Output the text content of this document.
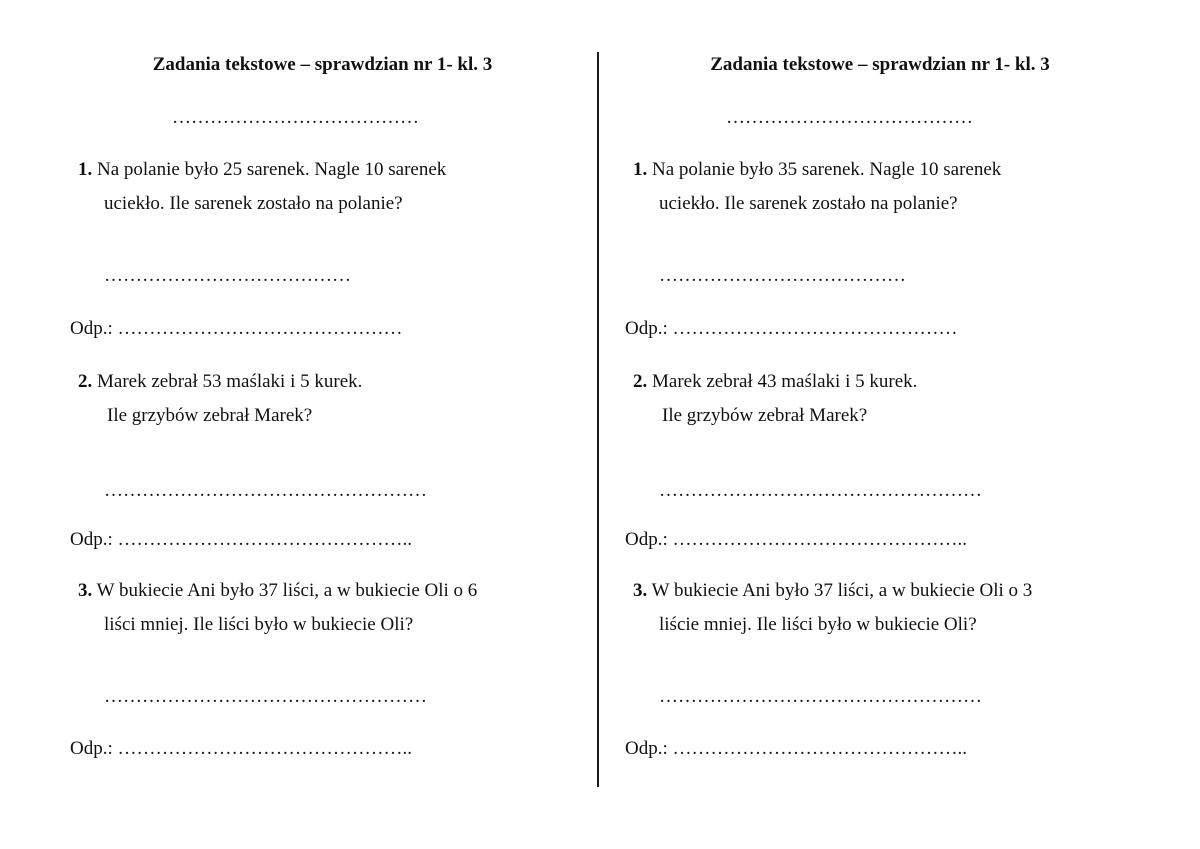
Zadania tekstowe – sprawdzian nr 1- kl. 3
…………………………………
1. Na polanie było 25 sarenek. Nagle 10 sarenek
uciekło. Ile sarenek zostało na polanie?
…………………………………
Odp.: ………………………………………
2. Marek zebrał 53 maślaki i 5 kurek.
Ile grzybów zebrał Marek?
……………………………………………
Odp.: ………………………………………..
3. W bukiecie Ani było 37 liści, a w bukiecie Oli o 6
liści mniej. Ile liści było w bukiecie Oli?
……………………………………………
Odp.: ………………………………………..
Zadania tekstowe – sprawdzian nr 1- kl. 3
…………………………………
1. Na polanie było 35 sarenek. Nagle 10 sarenek
uciekło. Ile sarenek zostało na polanie?
…………………………………
Odp.: ………………………………………
2. Marek zebrał 43 maślaki i 5 kurek.
Ile grzybów zebrał Marek?
……………………………………………
Odp.: ………………………………………..
3. W bukiecie Ani było 37 liści, a w bukiecie Oli o 3
liście mniej. Ile liści było w bukiecie Oli?
……………………………………………
Odp.: ………………………………………..
